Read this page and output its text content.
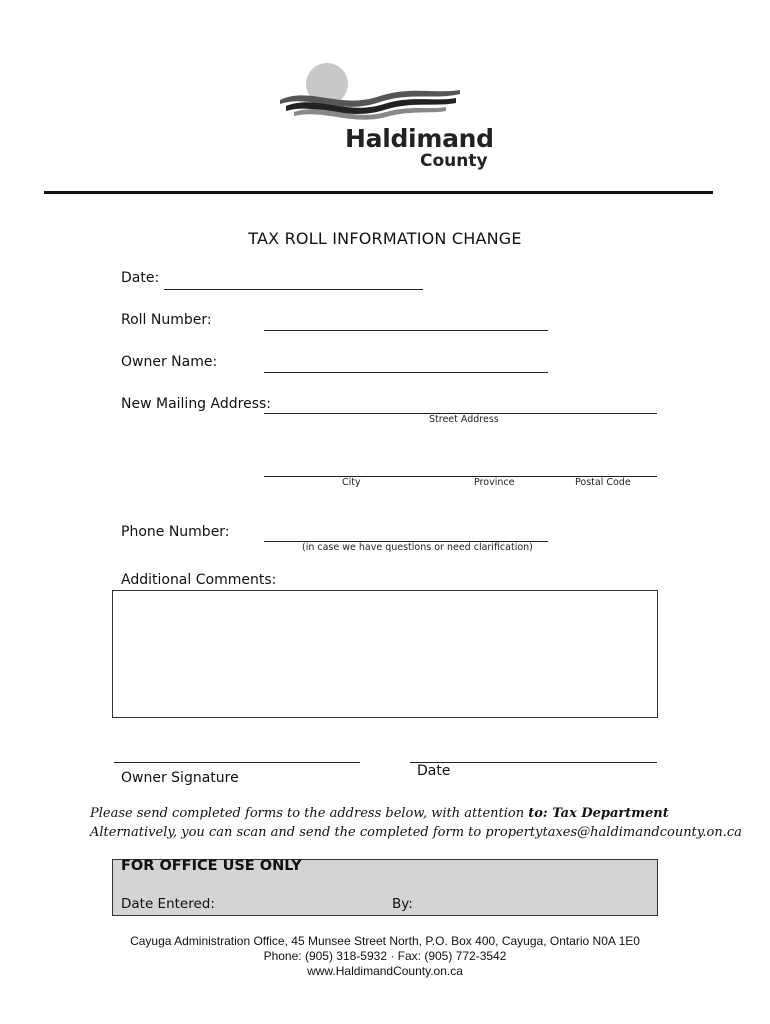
Haldimand
County
TAX ROLL INFORMATION CHANGE
Date:
Roll Number:
Owner Name:
New Mailing Address:
Street Address
City	Province	Postal Code
Phone Number:
(in case we have questions or need clarification)
Additional Comments:
Owner Signature	Date
Please send completed forms to the address below, with attention to: Tax Department
Alternatively, you can scan and send the completed form to propertytaxes@haldimandcounty.on.ca
FOR OFFICE USE ONLY
Date Entered:	By:
Cayuga Administration Office, 45 Munsee Street North, P.O. Box 400, Cayuga, Ontario N0A 1E0
Phone: (905) 318-5932 · Fax: (905) 772-3542
www.HaldimandCounty.on.ca
